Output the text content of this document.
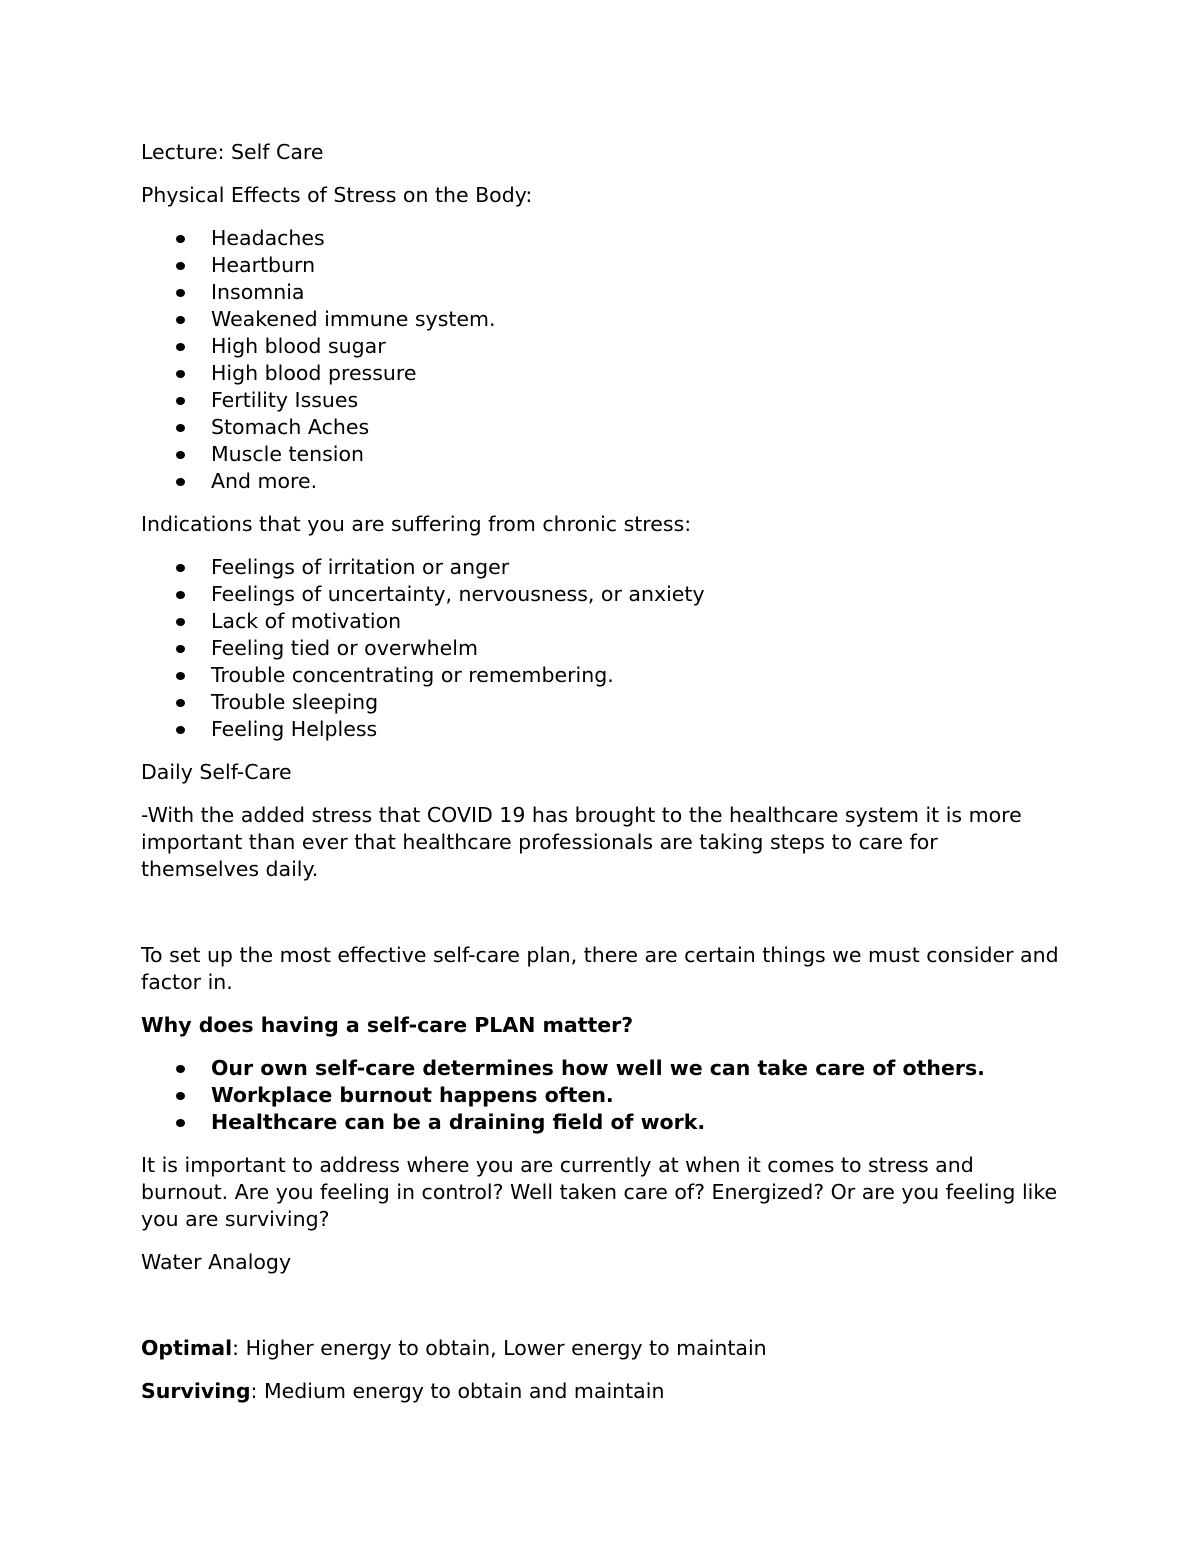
Lecture: Self Care

Physical Effects of Stress on the Body:

Headaches
Heartburn
Insomnia
Weakened immune system.
High blood sugar
High blood pressure
Fertility Issues
Stomach Aches
Muscle tension
And more.

Indications that you are suffering from chronic stress:

Feelings of irritation or anger
Feelings of uncertainty, nervousness, or anxiety
Lack of motivation
Feeling tied or overwhelm
Trouble concentrating or remembering.
Trouble sleeping
Feeling Helpless

Daily Self-Care

-With the added stress that COVID 19 has brought to the healthcare system it is more important than ever that healthcare professionals are taking steps to care for themselves daily.

To set up the most effective self-care plan, there are certain things we must consider and factor in.

Why does having a self-care PLAN matter?

Our own self-care determines how well we can take care of others.
Workplace burnout happens often.
Healthcare can be a draining field of work.

It is important to address where you are currently at when it comes to stress and burnout. Are you feeling in control? Well taken care of? Energized? Or are you feeling like you are surviving?

Water Analogy

Optimal: Higher energy to obtain, Lower energy to maintain

Surviving: Medium energy to obtain and maintain
